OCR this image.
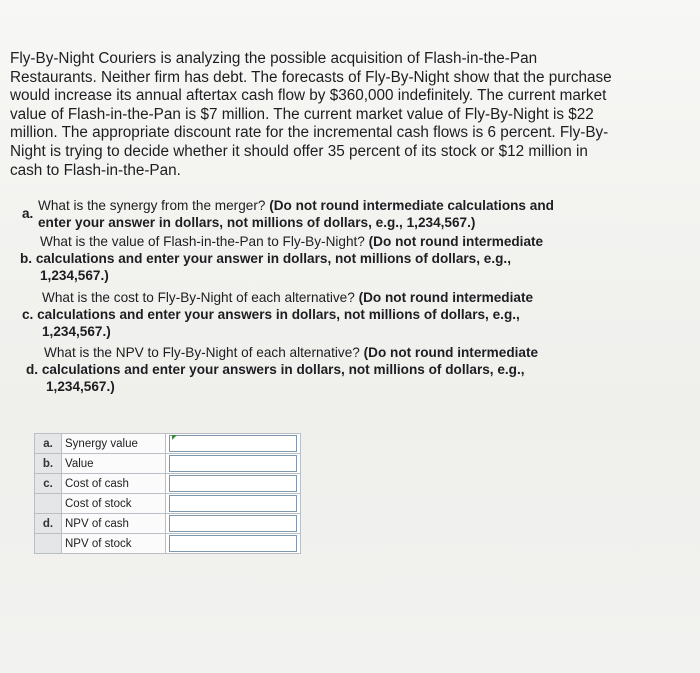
Fly-By-Night Couriers is analyzing the possible acquisition of Flash-in-the-Pan
Restaurants. Neither firm has debt. The forecasts of Fly-By-Night show that the purchase
would increase its annual aftertax cash flow by $360,000 indefinitely. The current market
value of Flash-in-the-Pan is $7 million. The current market value of Fly-By-Night is $22
million. The appropriate discount rate for the incremental cash flows is 6 percent. Fly-By-
Night is trying to decide whether it should offer 35 percent of its stock or $12 million in
cash to Flash-in-the-Pan.
a.
What is the synergy from the merger? (Do not round intermediate calculations and
enter your answer in dollars, not millions of dollars, e.g., 1,234,567.)
What is the value of Flash-in-the-Pan to Fly-By-Night? (Do not round intermediate
b. calculations and enter your answer in dollars, not millions of dollars, e.g.,
1,234,567.)
What is the cost to Fly-By-Night of each alternative? (Do not round intermediate
c. calculations and enter your answers in dollars, not millions of dollars, e.g.,
1,234,567.)
What is the NPV to Fly-By-Night of each alternative? (Do not round intermediate
d. calculations and enter your answers in dollars, not millions of dollars, e.g.,
1,234,567.)
a.	Synergy value	

b.	Value	

c.	Cost of cash	

	Cost of stock	

d.	NPV of cash	

	NPV of stock	
